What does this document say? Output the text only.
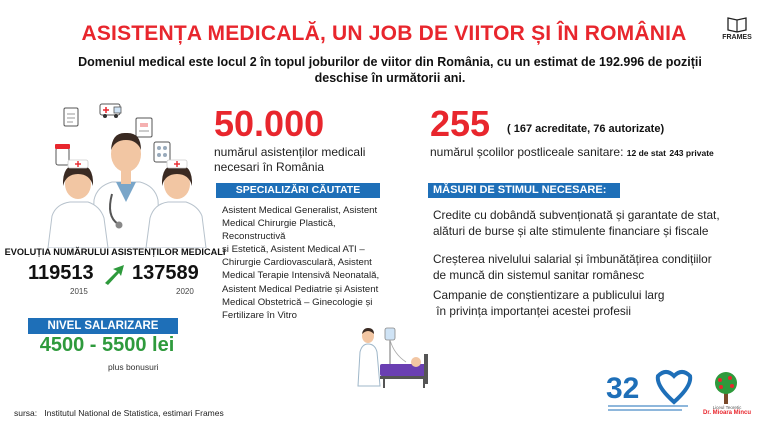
ASISTENȚA MEDICALĂ, UN JOB DE VIITOR ȘI ÎN ROMÂNIA	FRAMES
Domeniul medical este locul 2 în topul joburilor de viitor din România, cu un estimat de 192.996 de poziții
deschise în următorii ani.
EVOLUȚIA NUMĂRULUI ASISTENȚILOR MEDICALI
119513 137589
2015	2020
NIVEL SALARIZARE
4500 - 5500 lei
plus bonusuri
50.000
numărul asistenților medicali
necesari în România
255 ( 167 acreditate, 76 autorizate)
numărul școlilor postliceale sanitare: 12 de stat 243 private
SPECIALIZĂRI CĂUTATE
Asistent Medical Generalist, Asistent
Medical Chirurgie Plastică, Reconstructivă
și Estetică, Asistent Medical ATI –
Chirurgie Cardiovasculară, Asistent
Medical Terapie Intensivă Neonatală,
Asistent Medical Pediatrie și Asistent
Medical Obstetrică – Ginecologie și
Fertilizare în Vitro
MĂSURI DE STIMUL NECESARE:
Credite cu dobândă subvenționată și garantate de stat,
alături de burse și alte stimulente financiare și fiscale
Creșterea nivelului salarial și îmbunătățirea condițiilor
de muncă din sistemul sanitar românesc
Campanie de conștientizare a publicului larg
în privința importanței acestei profesii
32
Liceul Teoretic
Dr. Mioara Mincu
sursa:   Institutul National de Statistica, estimari Frames
